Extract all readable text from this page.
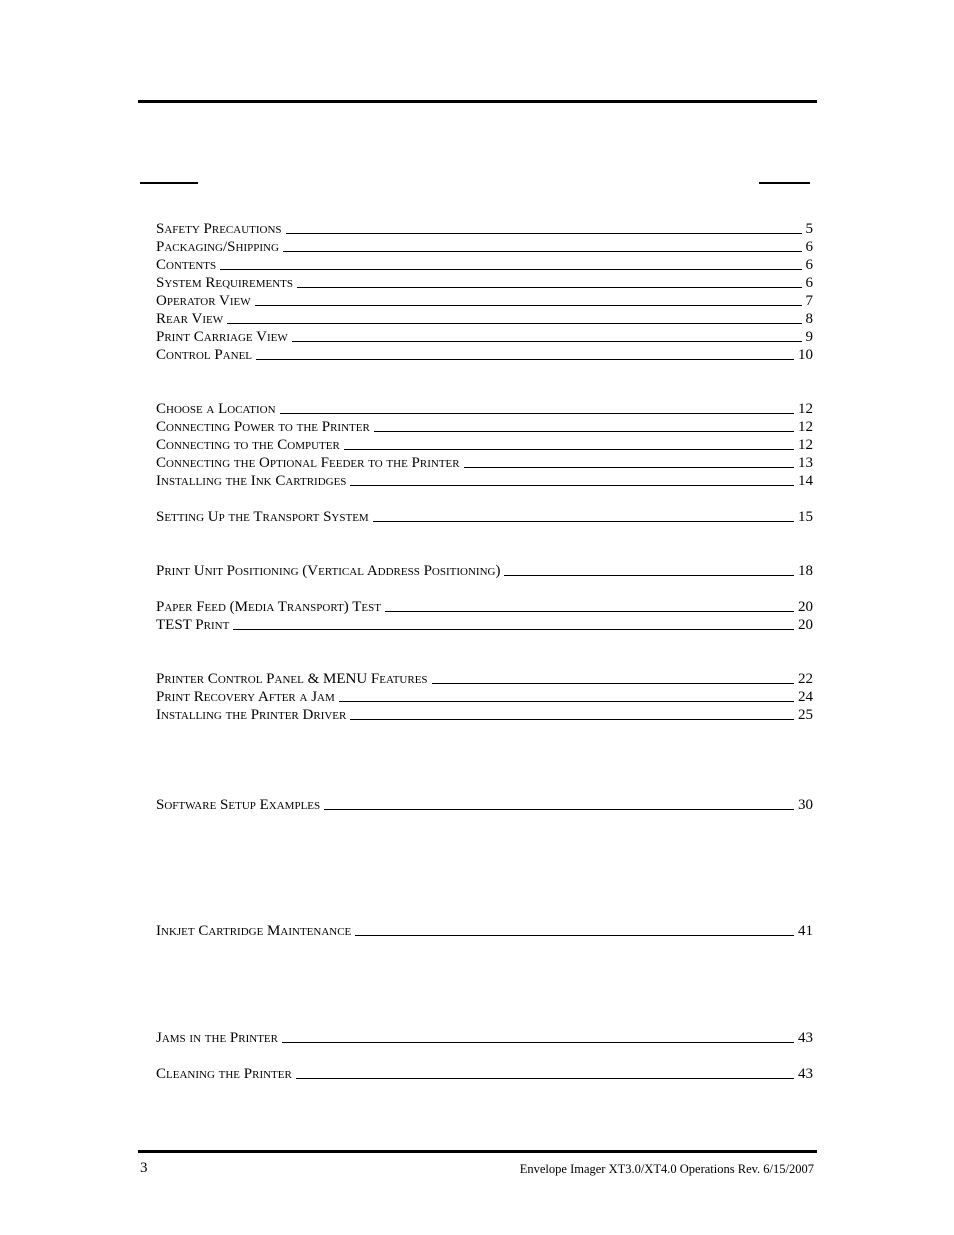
Safety Precautions	5
Packaging/Shipping	6
Contents	6
System Requirements	6
Operator View	7
Rear View	8
Print Carriage View	9
Control Panel	10
Choose a Location	12
Connecting Power to the Printer	12
Connecting to the Computer	12
Connecting the Optional Feeder to the Printer	13
Installing the Ink Cartridges	14
Setting Up the Transport System	15
Print Unit Positioning (Vertical Address Positioning)	18
Paper Feed (Media Transport) Test	20
TEST Print	20
Printer Control Panel & MENU Features	22
Print Recovery After a Jam	24
Installing the Printer Driver	25
Software Setup Examples	30
Inkjet Cartridge Maintenance	41
Jams in the Printer	43
Cleaning the Printer	43
3	Envelope Imager XT3.0/XT4.0 Operations Rev. 6/15/2007
